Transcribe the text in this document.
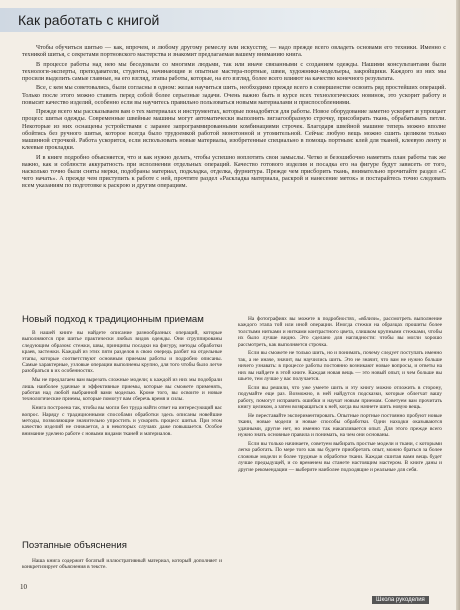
Как работать с книгой

Чтобы обучиться шитью — как, впрочем, и любому другому ремеслу или искусству, — надо прежде всего овладеть основами его техники. Именно с техникой шитья, с секретами портновского мастерства и знакомит предлагаемая вашему вниманию книга.

В процессе работы над нею мы беседовали со многими людьми, так или иначе связанными с созданием одежды. Нашими консультантами были технологи-эксперты, преподаватели, студенты, начинающие и опытные мастера-портные, швеи, художники-модельеры, закройщики. Каждого из них мы просили выделить самые главные, на его взгляд, этапы работы, которые, на его взгляд, более всего влияют на качество конечного результата.

Все, с кем мы советовались, были согласны в одном: желая научиться шить, необходимо прежде всего в совершенстве освоить ряд простейших операций. Только после этого можно ставить перед собой более серьезные задачи. Очень важно быть в курсе всех технологических новинок, это ускорит работу и повысит качество изделий, особенно если вы научитесь правильно пользоваться новыми материалами и приспособлениями.

Прежде всего мы рассказываем вам о тех материалах и инструментах, которые понадобятся для работы. Новое оборудование заметно ускоряет и упрощает процесс шитья одежды. Современные швейные машины могут автоматически выполнять зигзагообразную строчку, присобирать ткань, обрабатывать петли. Некоторые из них оснащены устройствами с заранее запрограммированными комбинациями строчек. Благодаря швейной машине теперь можно вполне обойтись без ручного шитья, которое всегда было трудоемкой работой монотонной и утомительной. Сейчас любую вещь можно сшить целиком только машинной строчкой. Работа ускорится, если использовать новые материалы, изобретенные специально в помощь портным: клей для тканей, клеевую ленту и клеевые прокладки.

И в книге подробно объясняется, что и как нужно делать, чтобы успешно воплотить свои замыслы. Четко и безошибочно наметить план работы так же важно, как и соблюсти аккуратность при исполнении отдельных операций. Качество готового изделия и посадка его на фигуре будут зависеть от того, насколько точно были сняты мерки, подобраны материал, подкладка, отделка, фурнитура. Прежде чем присборить ткань, внимательно прочитайте раздел «С чего начать». А прежде чем приступить к работе с ней, прочтите раздел «Раскладка материала, раскрой и нанесение меток» и постарайтесь точно следовать всем указаниям по подготовке к раскрою и другим операциям.

Новый подход к традиционным приемам

В нашей книге вы найдете описание разнообразных операций, которые выполняются при шитье практически любых видов одежды. Они сгруппированы следующим образом: стежки, швы, принципы посадки на фигуру, методы обработки краев, застежки. Каждый из этих пяти разделов в свою очередь разбит на отдельные этапы, которые соответствуют основным приемам работы и подробно описаны. Самые характерные, узловые операции выполнены крупно, для того чтобы было легче разобраться в их особенностях.

Мы не предлагаем вам вырезать сложные модели; к каждой из них мы подобрали лишь наиболее удачные и эффективные приемы, которые вы сможете применять, работая над любой выбранной вами моделью. Кроме того, вы освоите и новые технологические приемы, которые помогут вам сберечь время и силы.

Книга построена так, чтобы вы могли без труда найти ответ на интересующий вас вопрос. Наряду с традиционными способами обработки здесь описаны новейшие методы, позволяющие значительно упростить и ускорить процесс шитья. При этом качество изделий не снижается, а в некоторых случаях даже повышается. Особое внимание уделено работе с новыми видами тканей и материалов.

Поэтапные объяснения

Наша книга содержит богатый иллюстративный материал, который дополняет и конкретизирует объяснения в тексте.

На фотографиях вы можете в подробностях, «вблизи», рассмотреть выполнение каждого этапа той или иной операции. Иногда стежки на образцах прошиты более толстыми нитками и нитками контрастного цвета, слишком крупными стежками, чтобы их было лучше видно. Это сделано для наглядности: чтобы вы могли хорошо рассмотреть, как выполняется строчка.

Если вы сможете не только шить, но и понимать, почему следует поступать именно так, а не иначе, значит, вы научились шить. Это не значит, что вам не нужно больше ничего узнавать: в процессе работы постоянно возникают новые вопросы, и ответы на них вы найдете в этой книге. Каждая новая вещь — это новый опыт, и чем больше вы шьете, тем лучше у вас получается.

Если вы решили, что уже умеете шить и эту книгу можно отложить в сторону, подумайте еще раз. Возможно, в ней найдутся подсказки, которые облегчат вашу работу, помогут исправить ошибки и научат новым приемам. Советуем вам прочитать книгу целиком, а затем возвращаться к ней, когда вы начнете шить новую вещь.

Не переставайте экспериментировать. Опытные портные постоянно пробуют новые ткани, новые модели и новые способы обработки. Одни находки оказываются удачными, другие нет, но именно так накапливается опыт. Для этого прежде всего нужно знать основные правила и понимать, на чем они основаны.

Если вы только начинаете, советуем выбирать простые модели и ткани, с которыми легко работать. По мере того как вы будете приобретать опыт, можно браться за более сложные модели и более трудные в обработке ткани. Каждая сшитая вами вещь будет лучше предыдущей, и со временем вы станете настоящим мастером. В книге даны и другие рекомендации — выберите наиболее подходящие и реальные для себя.

10
Школа рукоделия
